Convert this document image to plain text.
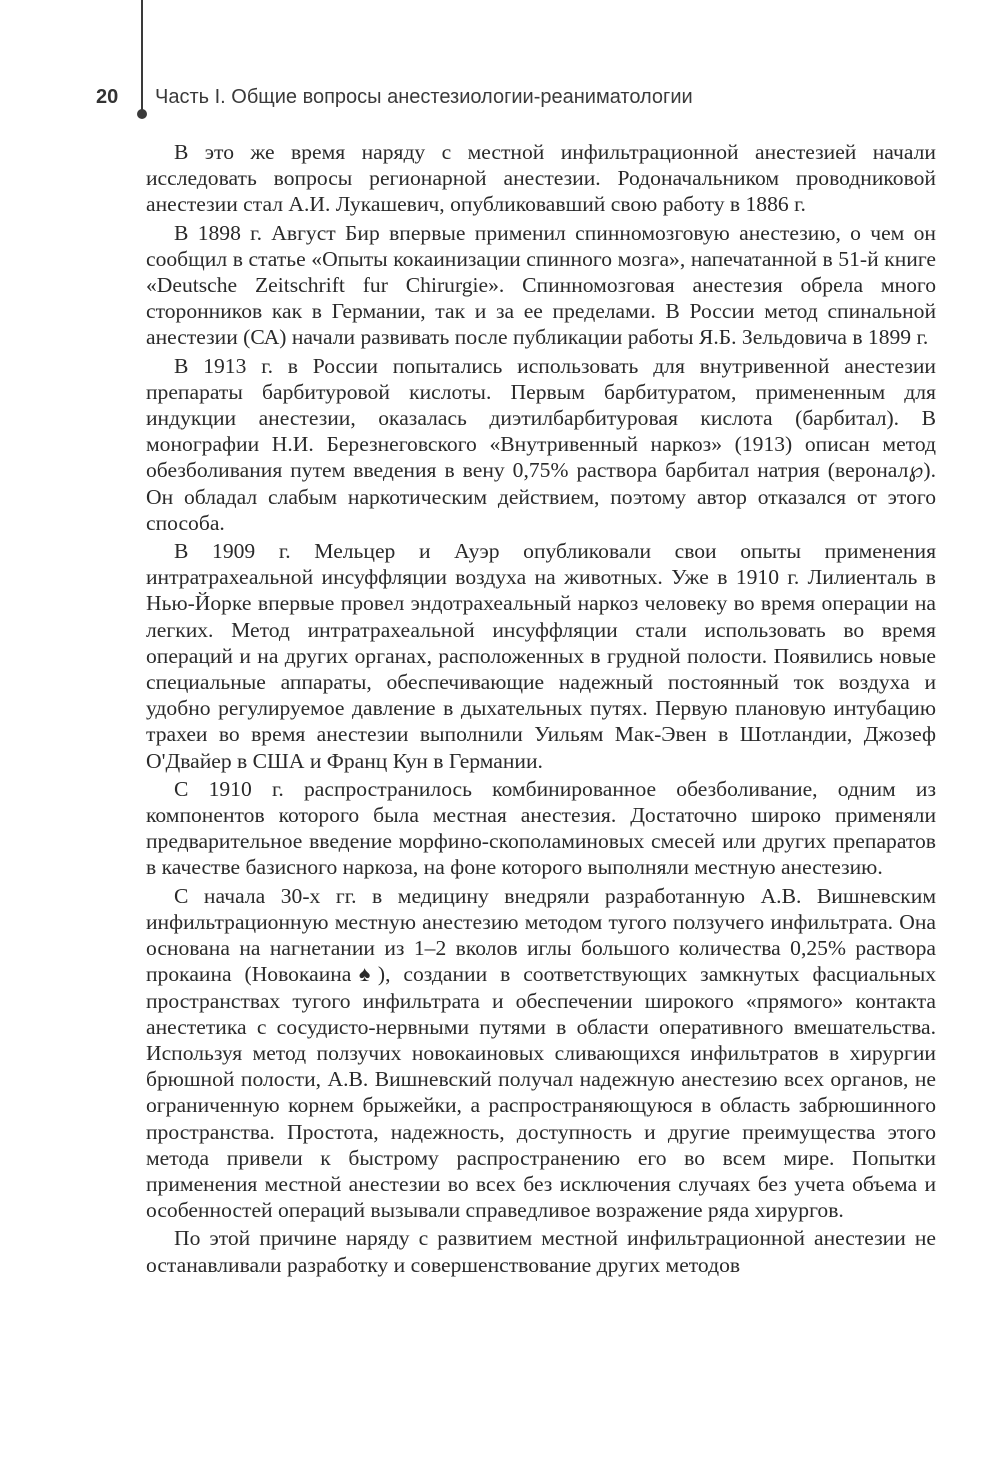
20 Часть I. Общие вопросы анестезиологии-реаниматологии

В это же время наряду с местной инфильтрационной анестезией начали исследовать вопросы регионарной анестезии. Родоначальником проводниковой анестезии стал А.И. Лукашевич, опубликовавший свою работу в 1886 г.

В 1898 г. Август Бир впервые применил спинномозговую анестезию, о чем он сообщил в статье «Опыты кокаинизации спинного мозга», напечатанной в 51-й книге «Deutsche Zeitschrift fur Chirurgie». Спинномозговая анестезия обрела много сторонников как в Германии, так и за ее пределами. В России метод спинальной анестезии (СА) начали развивать после публикации работы Я.Б. Зельдовича в 1899 г.

В 1913 г. в России попытались использовать для внутривенной анестезии препараты барбитуровой кислоты. Первым барбитуратом, примененным для индукции анестезии, оказалась диэтилбарбитуровая кислота (барбитал). В монографии Н.И. Березнеговского «Внутривенный наркоз» (1913) описан метод обезболивания путем введения в вену 0,75% раствора барбитал натрия (веронал℘). Он обладал слабым наркотическим действием, поэтому автор отказался от этого способа.

В 1909 г. Мельцер и Ауэр опубликовали свои опыты применения интратрахеальной инсуффляции воздуха на животных. Уже в 1910 г. Лилиенталь в Нью-Йорке впервые провел эндотрахеальный наркоз человеку во время операции на легких. Метод интратрахеальной инсуффляции стали использовать во время операций и на других органах, расположенных в грудной полости. Появились новые специальные аппараты, обеспечивающие надежный постоянный ток воздуха и удобно регулируемое давление в дыхательных путях. Первую плановую интубацию трахеи во время анестезии выполнили Уильям Мак-Эвен в Шотландии, Джозеф О'Двайер в США и Франц Кун в Германии.

С 1910 г. распространилось комбинированное обезболивание, одним из компонентов которого была местная анестезия. Достаточно широко применяли предварительное введение морфино-скополаминовых смесей или других препаратов в качестве базисного наркоза, на фоне которого выполняли местную анестезию.

С начала 30-х гг. в медицину внедряли разработанную А.В. Вишневским инфильтрационную местную анестезию методом тугого ползучего инфильтрата. Она основана на нагнетании из 1–2 вколов иглы большого количества 0,25% раствора прокаина (Новокаина♠), создании в соответствующих замкнутых фасциальных пространствах тугого инфильтрата и обеспечении широкого «прямого» контакта анестетика с сосудисто-нервными путями в области оперативного вмешательства. Используя метод ползучих новокаиновых сливающихся инфильтратов в хирургии брюшной полости, А.В. Вишневский получал надежную анестезию всех органов, не ограниченную корнем брыжейки, а распространяющуюся в область забрюшинного пространства. Простота, надежность, доступность и другие преимущества этого метода привели к быстрому распространению его во всем мире. Попытки применения местной анестезии во всех без исключения случаях без учета объема и особенностей операций вызывали справедливое возражение ряда хирургов.

По этой причине наряду с развитием местной инфильтрационной анестезии не останавливали разработку и совершенствование других методов
